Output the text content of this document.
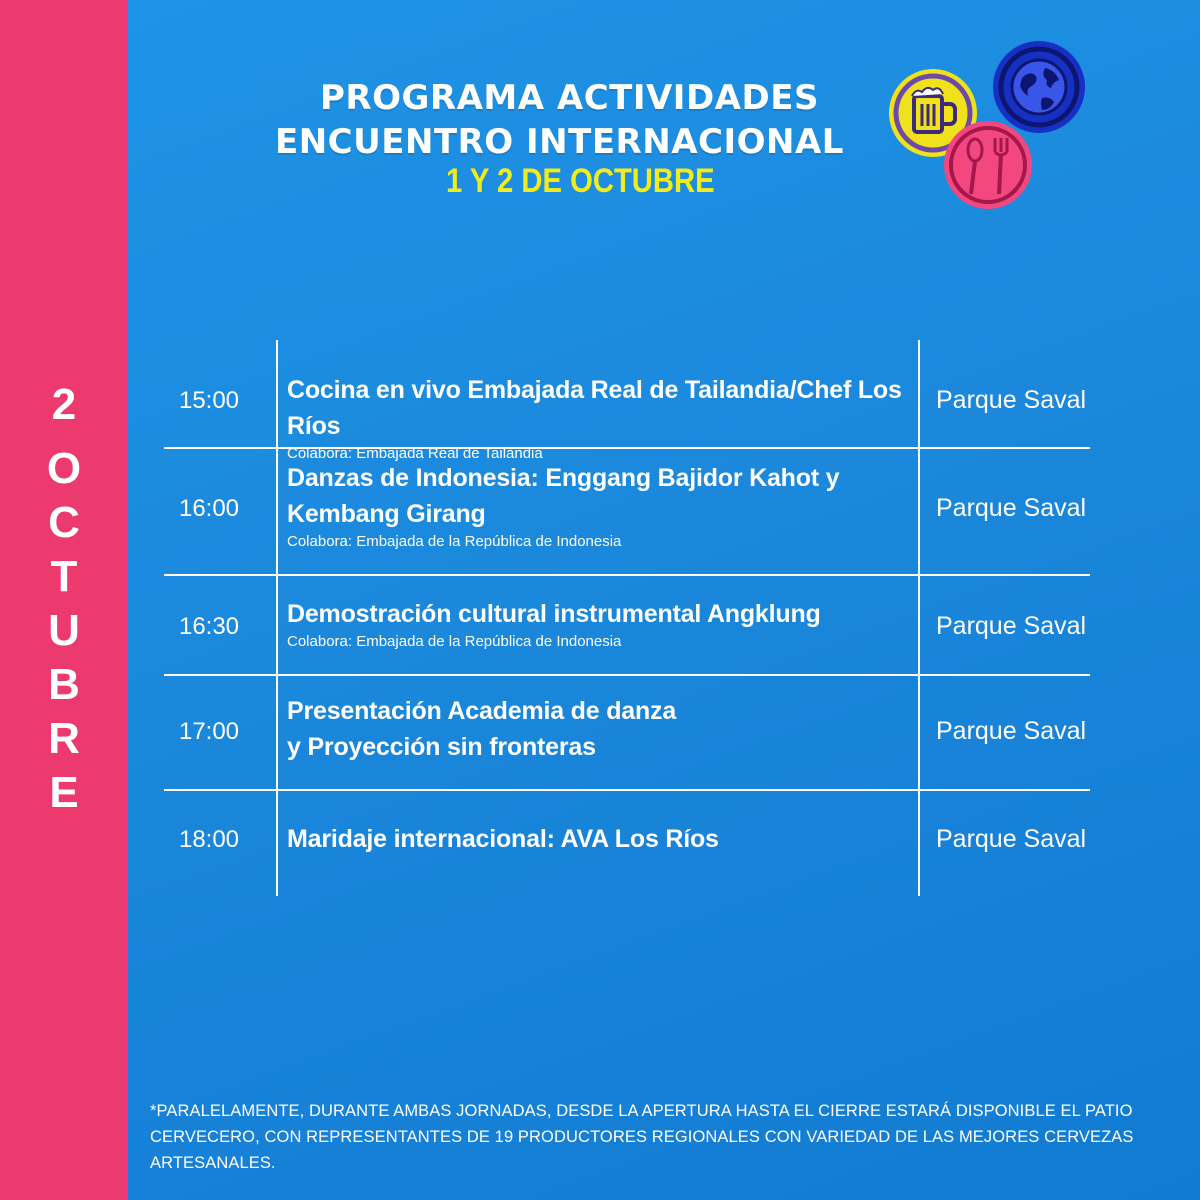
2
O
C
T
U
B
R
E
PROGRAMA ACTIVIDADES
ENCUENTRO INTERNACIONAL
1 Y 2 DE OCTUBRE
15:00	Cocina en vivo Embajada Real de Tailandia/Chef Los Ríos
Colabora: Embajada Real de Tailandia
Parque Saval
16:00
Danzas de Indonesia: Enggang Bajidor Kahot y Kembang Girang
Colabora: Embajada de la República de Indonesia
Parque Saval
16:30	Demostración cultural instrumental Angklung
Colabora: Embajada de la República de Indonesia
Parque Saval
17:00
Presentación Academia de danza y Proyección sin fronteras
Parque Saval
18:00	Maridaje internacional: AVA Los Ríos	Parque Saval
*PARALELAMENTE, DURANTE AMBAS JORNADAS, DESDE LA APERTURA HASTA EL CIERRE ESTARÁ DISPONIBLE EL PATIO CERVECERO, CON REPRESENTANTES DE 19 PRODUCTORES REGIONALES CON VARIEDAD DE LAS MEJORES CERVEZAS ARTESANALES.
